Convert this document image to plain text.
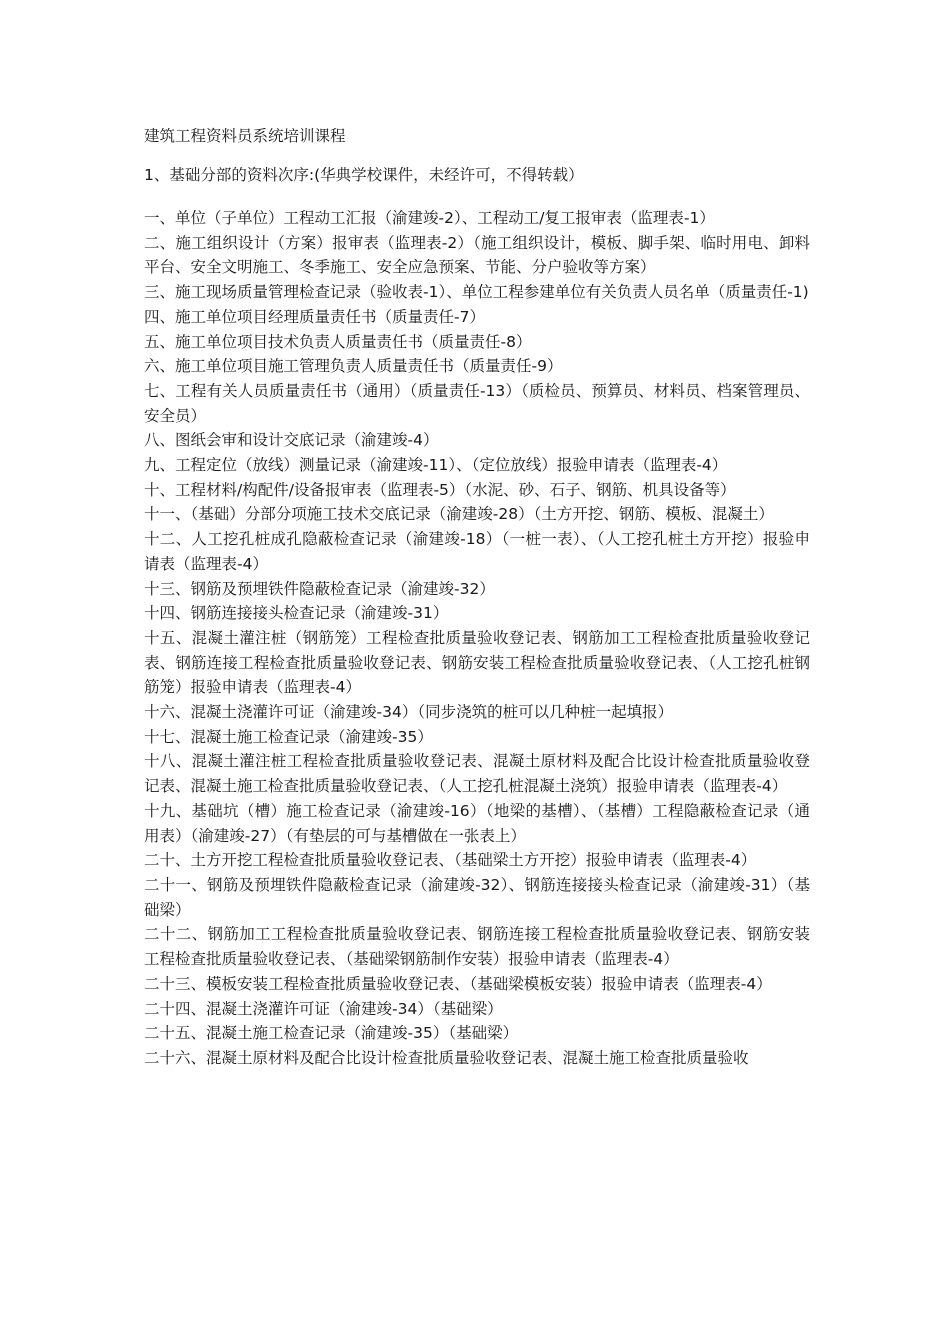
建筑工程资料员系统培训课程
1、基础分部的资料次序:(华典学校课件，未经许可，不得转载）
一、单位（子单位）工程动工汇报（渝建竣-2）、工程动工/复工报审表（监理表-1）
二、施工组织设计（方案）报审表（监理表-2）（施工组织设计，模板、脚手架、临时用电、卸料平台、安全文明施工、冬季施工、安全应急预案、节能、分户验收等方案）
三、施工现场质量管理检查记录（验收表-1）、单位工程参建单位有关负责人员名单（质量责任-1)
四、施工单位项目经理质量责任书（质量责任-7）
五、施工单位项目技术负责人质量责任书（质量责任-8）
六、施工单位项目施工管理负责人质量责任书（质量责任-9）
七、工程有关人员质量责任书（通用）（质量责任-13）（质检员、预算员、材料员、档案管理员、安全员）
八、图纸会审和设计交底记录（渝建竣-4）
九、工程定位（放线）测量记录（渝建竣-11）、（定位放线）报验申请表（监理表-4）
十、工程材料/构配件/设备报审表（监理表-5）（水泥、砂、石子、钢筋、机具设备等）
十一、（基础）分部分项施工技术交底记录（渝建竣-28）（土方开挖、钢筋、模板、混凝土）
十二、人工挖孔桩成孔隐蔽检查记录（渝建竣-18）（一桩一表）、（人工挖孔桩土方开挖）报验申请表（监理表-4）
十三、钢筋及预埋铁件隐蔽检查记录（渝建竣-32）
十四、钢筋连接接头检查记录（渝建竣-31）
十五、混凝土灌注桩（钢筋笼）工程检查批质量验收登记表、钢筋加工工程检查批质量验收登记表、钢筋连接工程检查批质量验收登记表、钢筋安装工程检查批质量验收登记表、（人工挖孔桩钢筋笼）报验申请表（监理表-4）
十六、混凝土浇灌许可证（渝建竣-34）（同步浇筑的桩可以几种桩一起填报）
十七、混凝土施工检查记录（渝建竣-35）
十八、混凝土灌注桩工程检查批质量验收登记表、混凝土原材料及配合比设计检查批质量验收登记表、混凝土施工检查批质量验收登记表、（人工挖孔桩混凝土浇筑）报验申请表（监理表-4）
十九、基础坑（槽）施工检查记录（渝建竣-16）（地梁的基槽）、（基槽）工程隐蔽检查记录（通用表）（渝建竣-27）（有垫层的可与基槽做在一张表上）
二十、土方开挖工程检查批质量验收登记表、（基础梁土方开挖）报验申请表（监理表-4）
二十一、钢筋及预埋铁件隐蔽检查记录（渝建竣-32）、钢筋连接接头检查记录（渝建竣-31）（基础梁）
二十二、钢筋加工工程检查批质量验收登记表、钢筋连接工程检查批质量验收登记表、钢筋安装工程检查批质量验收登记表、（基础梁钢筋制作安装）报验申请表（监理表-4）
二十三、模板安装工程检查批质量验收登记表、（基础梁模板安装）报验申请表（监理表-4）
二十四、混凝土浇灌许可证（渝建竣-34）（基础梁）
二十五、混凝土施工检查记录（渝建竣-35）（基础梁）
二十六、混凝土原材料及配合比设计检查批质量验收登记表、混凝土施工检查批质量验收
